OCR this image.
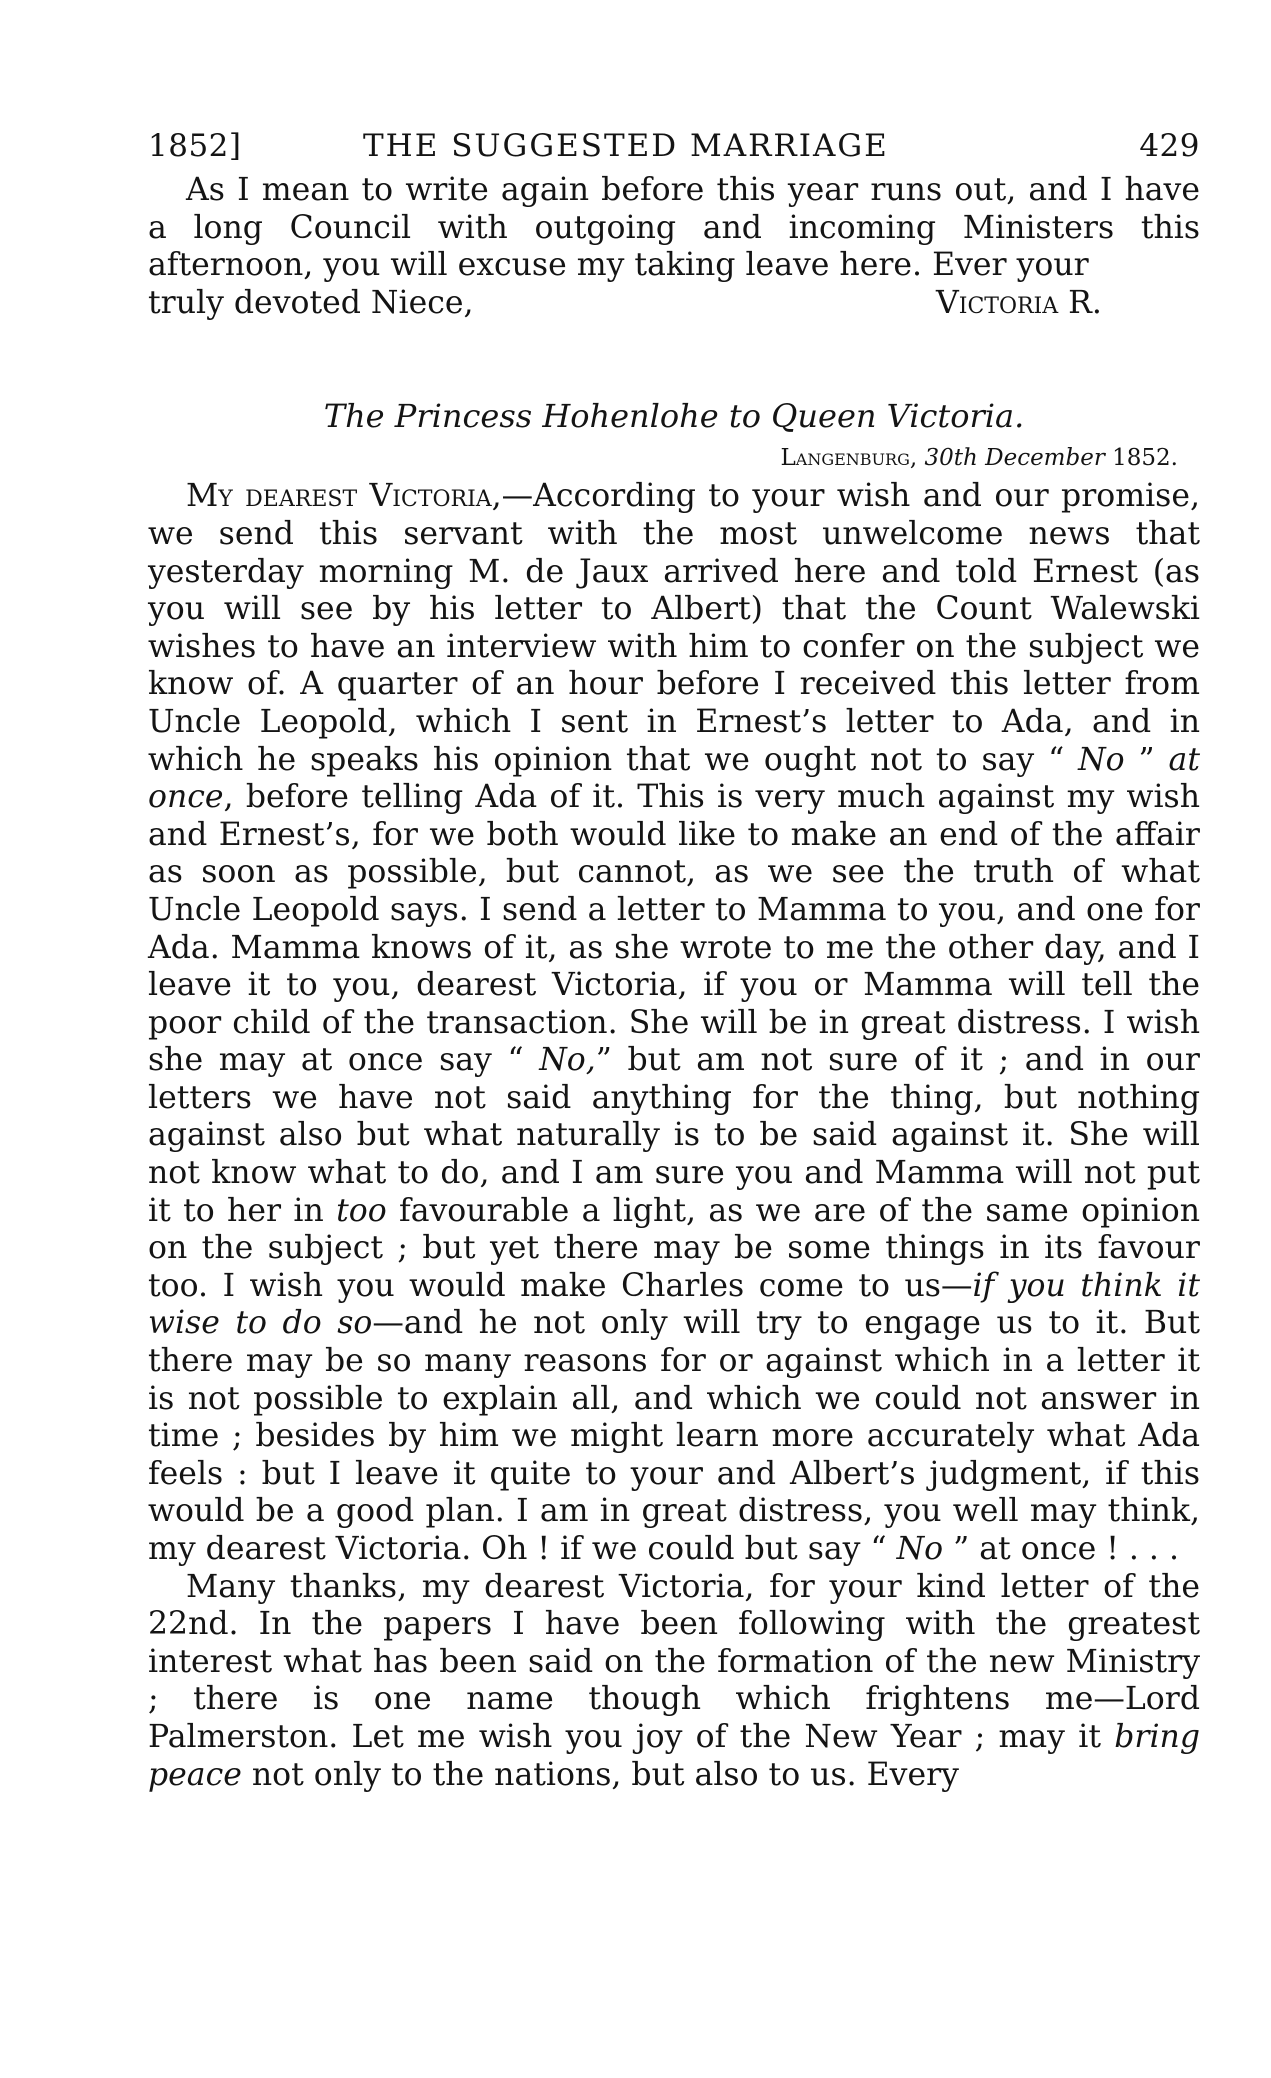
1852]	THE SUGGESTED MARRIAGE	429

As I mean to write again before this year runs out, and I have a long Council with outgoing and incoming Ministers this afternoon, you will excuse my taking leave here. Ever your

truly devoted Niece,	Victoria R.
The Princess Hohenlohe to Queen Victoria.
Langenburg, 30th December 1852.

My dearest Victoria,—According to your wish and our promise, we send this servant with the most unwelcome news that yesterday morning M. de Jaux arrived here and told Ernest (as you will see by his letter to Albert) that the Count Walewski wishes to have an interview with him to confer on the subject we know of. A quarter of an hour before I received this letter from Uncle Leopold, which I sent in Ernest’s letter to Ada, and in which he speaks his opinion that we ought not to say “ No ” at once, before telling Ada of it. This is very much against my wish and Ernest’s, for we both would like to make an end of the affair as soon as possible, but cannot, as we see the truth of what Uncle Leopold says. I send a letter to Mamma to you, and one for Ada. Mamma knows of it, as she wrote to me the other day, and I leave it to you, dearest Victoria, if you or Mamma will tell the poor child of the transaction. She will be in great distress. I wish she may at once say “ No,” but am not sure of it ; and in our letters we have not said anything for the thing, but nothing against also but what naturally is to be said against it. She will not know what to do, and I am sure you and Mamma will not put it to her in too favourable a light, as we are of the same opinion on the subject ; but yet there may be some things in its favour too. I wish you would make Charles come to us—if you think it wise to do so—and he not only will try to engage us to it. But there may be so many reasons for or against which in a letter it is not possible to explain all, and which we could not answer in time ; besides by him we might learn more accurately what Ada feels : but I leave it quite to your and Albert’s judgment, if this would be a good plan. I am in great distress, you well may think, my dearest Victoria. Oh ! if we could but say “ No ” at once ! . . .

Many thanks, my dearest Victoria, for your kind letter of the 22nd. In the papers I have been following with the greatest interest what has been said on the formation of the new Ministry ; there is one name though which frightens me—Lord Palmerston. Let me wish you joy of the New Year ; may it bring peace not only to the nations, but also to us. Every
